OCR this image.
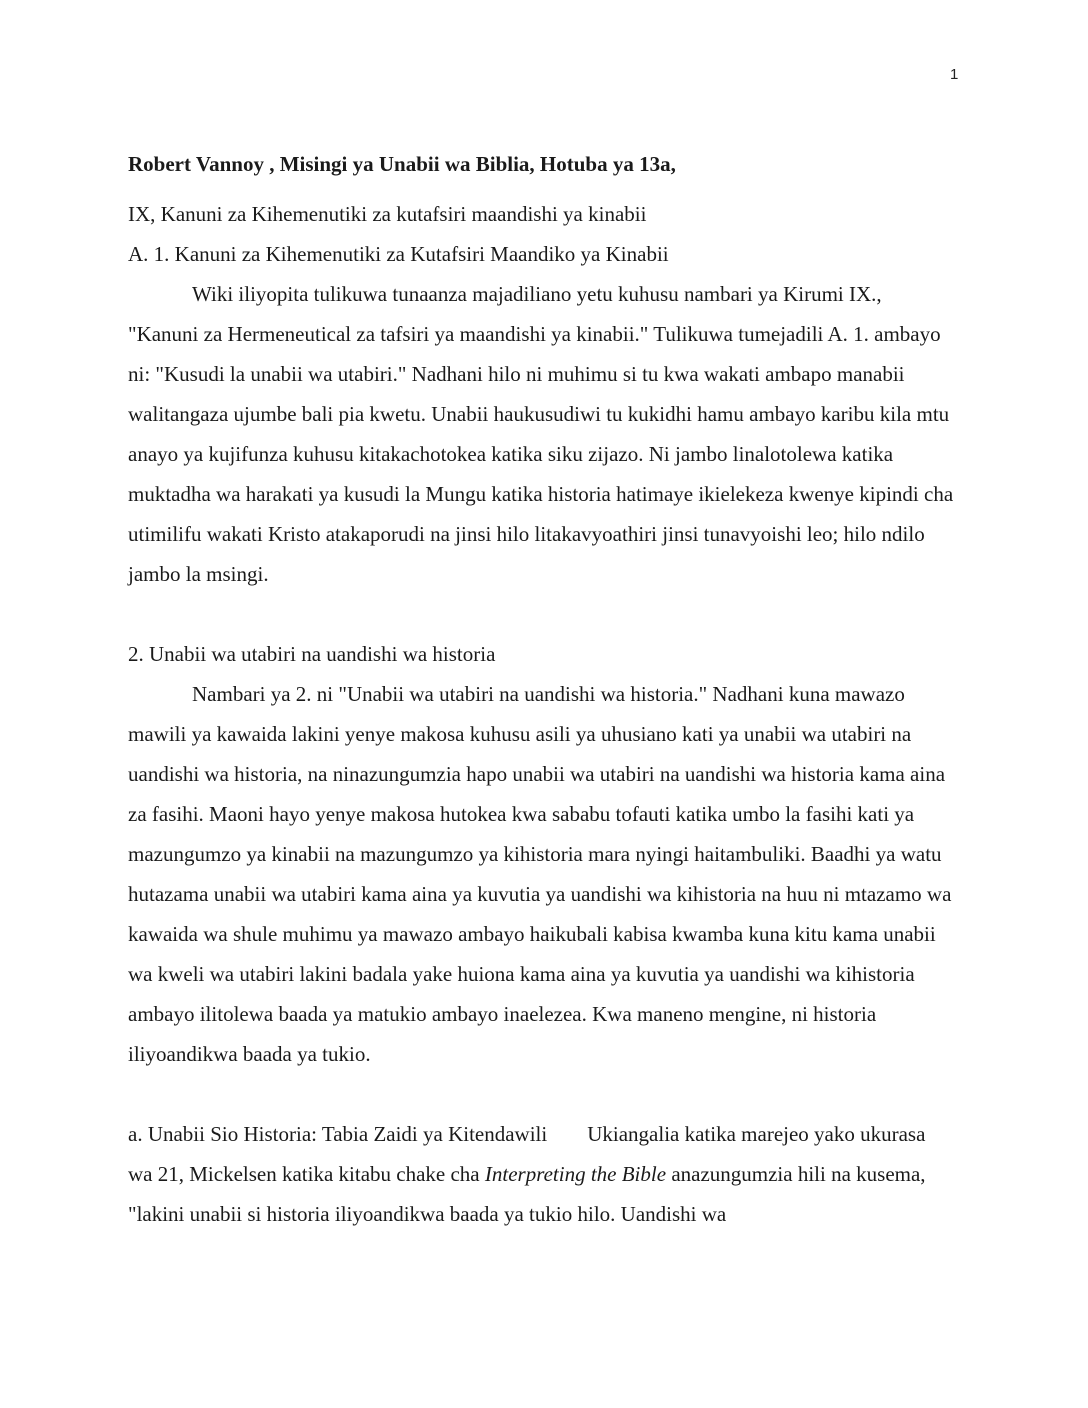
1
Robert Vannoy , Misingi ya Unabii wa Biblia, Hotuba ya 13a,
IX, Kanuni za Kihemenutiki za kutafsiri maandishi ya kinabii
A. 1. Kanuni za Kihemenutiki za Kutafsiri Maandiko ya Kinabii

Wiki iliyopita tulikuwa tunaanza majadiliano yetu kuhusu nambari ya Kirumi IX., "Kanuni za Hermeneutical za tafsiri ya maandishi ya kinabii." Tulikuwa tumejadili A. 1. ambayo ni: "Kusudi la unabii wa utabiri." Nadhani hilo ni muhimu si tu kwa wakati ambapo manabii walitangaza ujumbe bali pia kwetu. Unabii haukusudiwi tu kukidhi hamu ambayo karibu kila mtu anayo ya kujifunza kuhusu kitakachotokea katika siku zijazo. Ni jambo linalotolewa katika muktadha wa harakati ya kusudi la Mungu katika historia hatimaye ikielekeza kwenye kipindi cha utimilifu wakati Kristo atakaporudi na jinsi hilo litakavyoathiri jinsi tunavyoishi leo; hilo ndilo jambo la msingi.

2. Unabii wa utabiri na uandishi wa historia

Nambari ya 2. ni "Unabii wa utabiri na uandishi wa historia." Nadhani kuna mawazo mawili ya kawaida lakini yenye makosa kuhusu asili ya uhusiano kati ya unabii wa utabiri na uandishi wa historia, na ninazungumzia hapo unabii wa utabiri na uandishi wa historia kama aina za fasihi. Maoni hayo yenye makosa hutokea kwa sababu tofauti katika umbo la fasihi kati ya mazungumzo ya kinabii na mazungumzo ya kihistoria mara nyingi haitambuliki. Baadhi ya watu hutazama unabii wa utabiri kama aina ya kuvutia ya uandishi wa kihistoria na huu ni mtazamo wa kawaida wa shule muhimu ya mawazo ambayo haikubali kabisa kwamba kuna kitu kama unabii wa kweli wa utabiri lakini badala yake huiona kama aina ya kuvutia ya uandishi wa kihistoria ambayo ilitolewa baada ya matukio ambayo inaelezea. Kwa maneno mengine, ni historia iliyoandikwa baada ya tukio.

a. Unabii Sio Historia: Tabia Zaidi ya Kitendawili Ukiangalia katika marejeo yako ukurasa wa 21, Mickelsen katika kitabu chake cha Interpreting the Bible anazungumzia hili na kusema, "lakini unabii si historia iliyoandikwa baada ya tukio hilo. Uandishi wa
